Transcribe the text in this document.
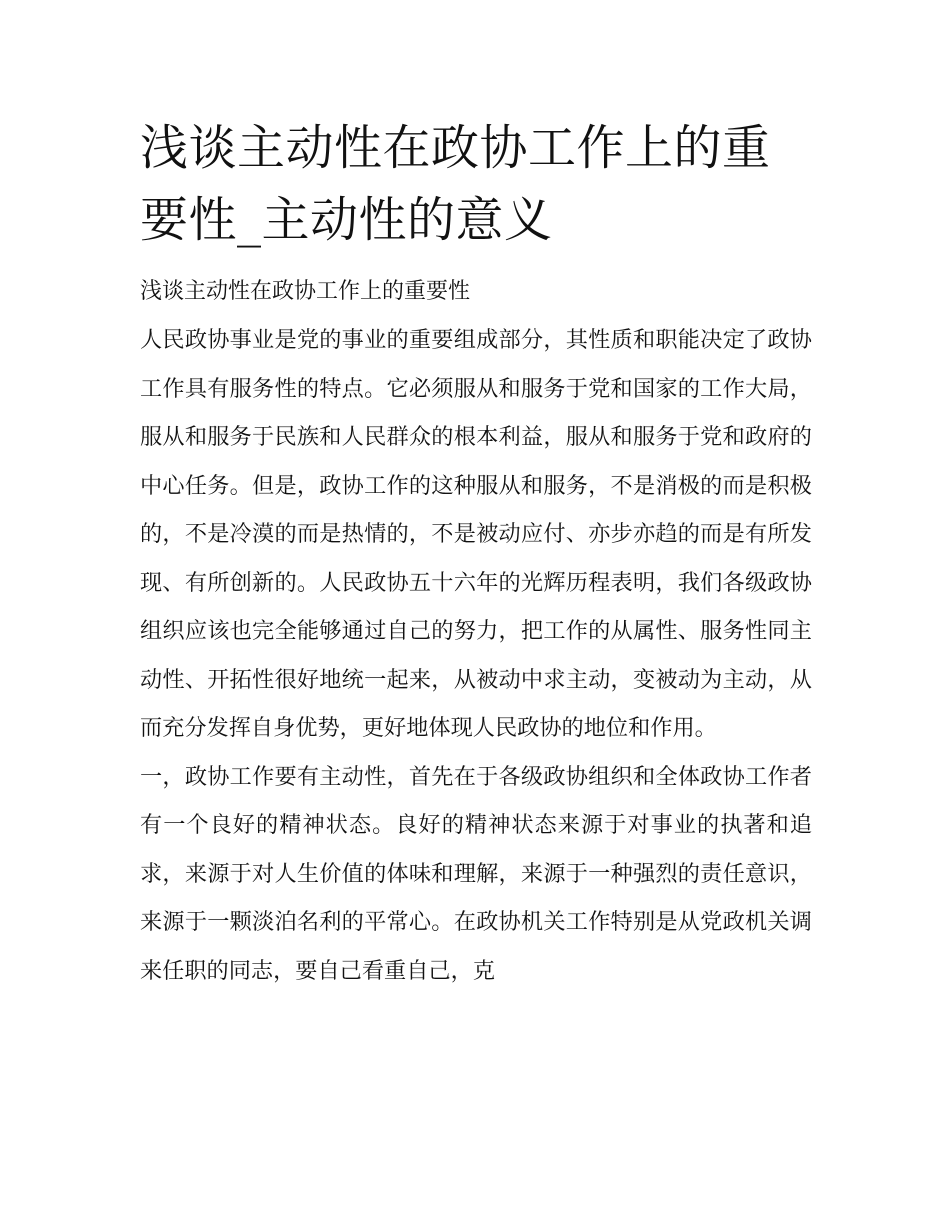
浅谈主动性在政协工作上的重要性_主动性的意义
浅谈主动性在政协工作上的重要性

人民政协事业是党的事业的重要组成部分，其性质和职能决定了政协工作具有服务性的特点。它必须服从和服务于党和国家的工作大局，服从和服务于民族和人民群众的根本利益，服从和服务于党和政府的中心任务。但是，政协工作的这种服从和服务，不是消极的而是积极的，不是冷漠的而是热情的，不是被动应付、亦步亦趋的而是有所发现、有所创新的。人民政协五十六年的光辉历程表明，我们各级政协组织应该也完全能够通过自己的努力，把工作的从属性、服务性同主动性、开拓性很好地统一起来，从被动中求主动，变被动为主动，从而充分发挥自身优势，更好地体现人民政协的地位和作用。

一，政协工作要有主动性，首先在于各级政协组织和全体政协工作者有一个良好的精神状态。良好的精神状态来源于对事业的执著和追求，来源于对人生价值的体味和理解，来源于一种强烈的责任意识，来源于一颗淡泊名利的平常心。在政协机关工作特别是从党政机关调来任职的同志，要自己看重自己，克
